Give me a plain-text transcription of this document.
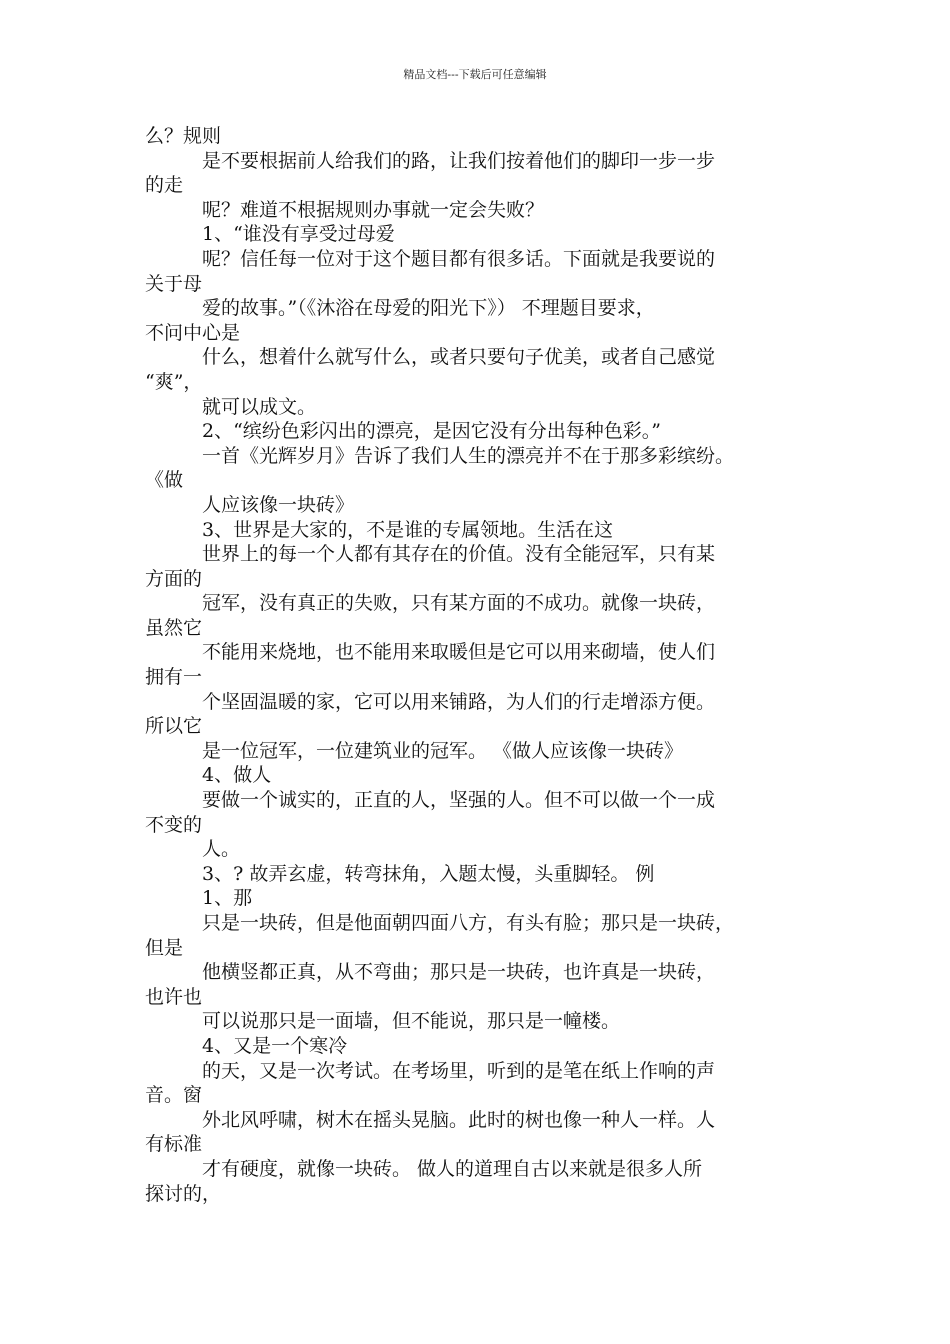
精品文档---下载后可任意编辑
么？规则
是不要根据前人给我们的路，让我们按着他们的脚印一步一步
的走
呢？难道不根据规则办事就一定会失败？
1、“谁没有享受过母爱
呢？信任每一位对于这个题目都有很多话。下面就是我要说的
关于母
爱的故事。”（《沐浴在母爱的阳光下》） 不理题目要求，
不问中心是
什么，想着什么就写什么，或者只要句子优美，或者自己感觉
“爽”，
就可以成文。
2、“缤纷色彩闪出的漂亮，是因它没有分出每种色彩。”
一首《光辉岁月》告诉了我们人生的漂亮并不在于那多彩缤纷。
《做
人应该像一块砖》
3、世界是大家的，不是谁的专属领地。生活在这
世界上的每一个人都有其存在的价值。没有全能冠军，只有某
方面的
冠军，没有真正的失败，只有某方面的不成功。就像一块砖，
虽然它
不能用来烧地，也不能用来取暖但是它可以用来砌墙，使人们
拥有一
个坚固温暖的家，它可以用来铺路，为人们的行走增添方便。
所以它
是一位冠军，一位建筑业的冠军。 《做人应该像一块砖》
4、做人
要做一个诚实的，正直的人，坚强的人。但不可以做一个一成
不变的
人。
3、? 故弄玄虚，转弯抹角，入题太慢，头重脚轻。 例
1、那
只是一块砖，但是他面朝四面八方，有头有脸；那只是一块砖，
但是
他横竖都正真，从不弯曲；那只是一块砖，也许真是一块砖，
也许也
可以说那只是一面墙，但不能说，那只是一幢楼。
4、又是一个寒冷
的天，又是一次考试。在考场里，听到的是笔在纸上作响的声
音。窗
外北风呼啸，树木在摇头晃脑。此时的树也像一种人一样。人
有标准
才有硬度，就像一块砖。 做人的道理自古以来就是很多人所
探讨的，
